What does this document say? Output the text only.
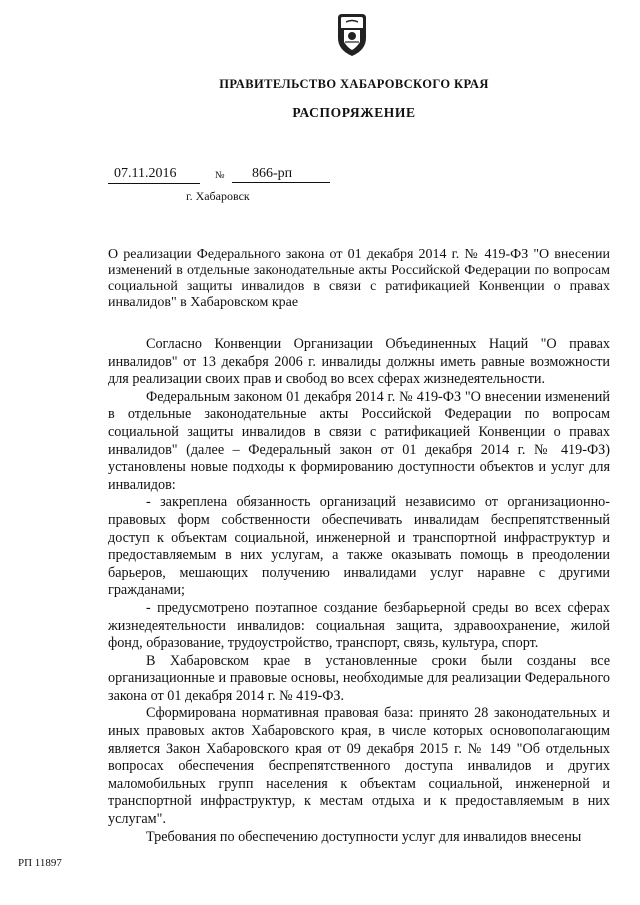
ПРАВИТЕЛЬСТВО ХАБАРОВСКОГО КРАЯ
РАСПОРЯЖЕНИЕ
07.11.2016	№	866-рп
г. Хабаровск
О реализации Федерального закона от 01 декабря 2014 г. № 419-ФЗ "О внесении изменений в отдельные законодательные акты Российской Федерации по вопросам социальной защиты инвалидов в связи с ратификацией Конвенции о правах инвалидов" в Хабаровском крае

Согласно Конвенции Организации Объединенных Наций "О правах инвалидов" от 13 декабря 2006 г. инвалиды должны иметь равные возможности для реализации своих прав и свобод во всех сферах жизнедеятельности.

Федеральным законом 01 декабря 2014 г. № 419-ФЗ "О внесении изменений в отдельные законодательные акты Российской Федерации по вопросам социальной защиты инвалидов в связи с ратификацией Конвенции о правах инвалидов" (далее – Федеральный закон от 01 декабря 2014 г. № 419-ФЗ) установлены новые подходы к формированию доступности объектов и услуг для инвалидов:

- закреплена обязанность организаций независимо от организационно-правовых форм собственности обеспечивать инвалидам беспрепятственный доступ к объектам социальной, инженерной и транспортной инфраструктур и предоставляемым в них услугам, а также оказывать помощь в преодолении барьеров, мешающих получению инвалидами услуг наравне с другими гражданами;

- предусмотрено поэтапное создание безбарьерной среды во всех сферах жизнедеятельности инвалидов: социальная защита, здравоохранение, жилой фонд, образование, трудоустройство, транспорт, связь, культура, спорт.

В Хабаровском крае в установленные сроки были созданы все организационные и правовые основы, необходимые для реализации Федерального закона от 01 декабря 2014 г. № 419-ФЗ.

Сформирована нормативная правовая база: принято 28 законодательных и иных правовых актов Хабаровского края, в числе которых основополагающим является Закон Хабаровского края от 09 декабря 2015 г. № 149 "Об отдельных вопросах обеспечения беспрепятственного доступа инвалидов и других маломобильных групп населения к объектам социальной, инженерной и транспортной инфраструктур, к местам отдыха и к предоставляемым в них услугам".

Требования по обеспечению доступности услуг для инвалидов внесены

РП 11897
